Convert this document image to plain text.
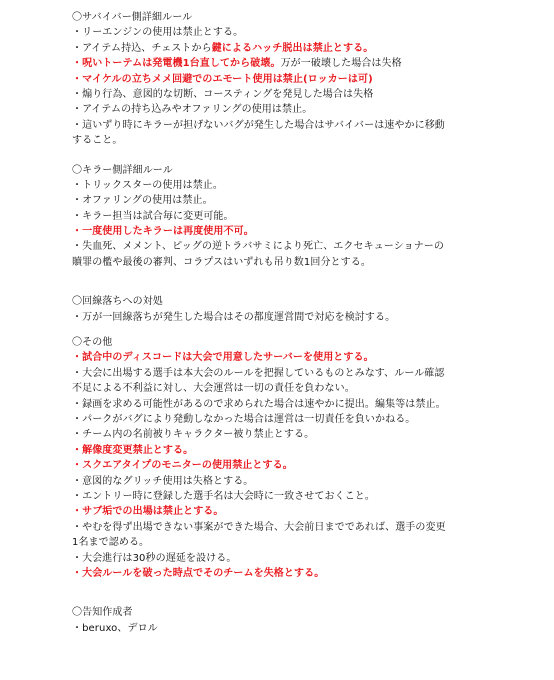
〇サバイバー側詳細ルール
・リーエンジンの使用は禁止とする。
・アイテム持込、チェストから鍵によるハッチ脱出は禁止とする。
・呪いトーテムは発電機1台直してから破壊。万が一破壊した場合は失格
・マイケルの立ちメメ回避でのエモート使用は禁止(ロッカーは可)
・煽り行為、意図的な切断、コースティングを発見した場合は失格
・アイテムの持ち込みやオファリングの使用は禁止。
・這いずり時にキラーが担げないバグが発生した場合はサバイバーは速やかに移動
すること。
〇キラー側詳細ルール
・トリックスターの使用は禁止。
・オファリングの使用は禁止。
・キラー担当は試合毎に変更可能。
・一度使用したキラーは再度使用不可。
・失血死、メメント、ピッグの逆トラバサミにより死亡、エクセキューショナーの
贖罪の檻や最後の審判、コラプスはいずれも吊り数1回分とする。
〇回線落ちへの対処
・万が一回線落ちが発生した場合はその都度運営間で対応を検討する。
〇その他
・試合中のディスコードは大会で用意したサーバーを使用とする。
・大会に出場する選手は本大会のルールを把握しているものとみなす、ルール確認
不足による不利益に対し、大会運営は一切の責任を負わない。
・録画を求める可能性があるので求められた場合は速やかに提出。編集等は禁止。
・パークがバグにより発動しなかった場合は運営は一切責任を負いかねる。
・チーム内の名前被りキャラクター被り禁止とする。
・解像度変更禁止とする。
・スクエアタイプのモニターの使用禁止とする。
・意図的なグリッチ使用は失格とする。
・エントリー時に登録した選手名は大会時に一致させておくこと。
・サブ垢での出場は禁止とする。
・やむを得ず出場できない事案ができた場合、大会前日までであれば、選手の変更
1名まで認める。
・大会進行は30秒の遅延を設ける。
・大会ルールを破った時点でそのチームを失格とする。
〇告知作成者
・beruxo、デロル
